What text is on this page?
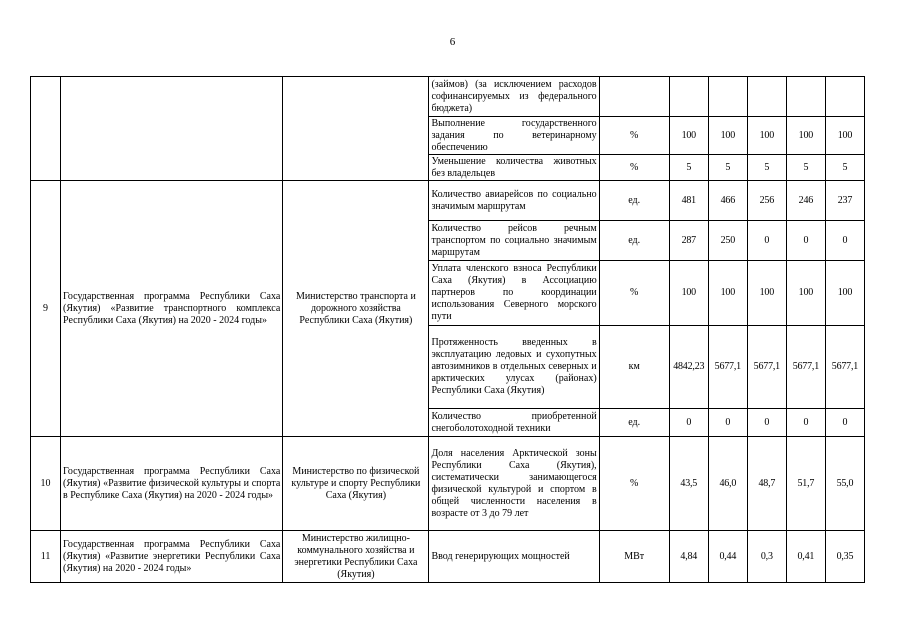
6
			(займов) (за исключением расходов софинансируемых из федерального бюджета)						
			Выполнение государственного задания по ветеринарному обеспечению	%	100	100	100	100	100
			Уменьшение количества животных без владельцев	%	5	5	5	5	5
9	Государственная программа Республики Саха (Якутия) «Развитие транспортного комплекса Республики Саха (Якутия) на 2020 - 2024 годы»	Министерство транспорта и дорожного хозяйства Республики Саха (Якутия)	Количество авиарейсов по социально значимым маршрутам	ед.	481	466	256	246	237
			Количество рейсов речным транспортом по социально значимым маршрутам	ед.	287	250	0	0	0
			Уплата членского взноса Республики Саха (Якутия) в Ассоциацию партнеров по координации использования Северного морского пути	%	100	100	100	100	100
			Протяженность введенных в эксплуатацию ледовых и сухопутных автозимников в отдельных северных и арктических улусах (районах) Республики Саха (Якутия)	км	4842,23	5677,1	5677,1	5677,1	5677,1
			Количество приобретенной снегоболотоходной техники	ед.	0	0	0	0	0
10	Государственная программа Республики Саха (Якутия) «Развитие физической культуры и спорта в Республике Саха (Якутия) на 2020 - 2024 годы»	Министерство по физической культуре и спорту Республики Саха (Якутия)	Доля населения Арктической зоны Республики Саха (Якутия), систематически занимающегося физической культурой и спортом в общей численности населения в возрасте от 3 до 79 лет	%	43,5	46,0	48,7	51,7	55,0
11	Государственная программа Республики Саха (Якутия) «Развитие энергетики Республики Саха (Якутия) на 2020 - 2024 годы»	Министерство жилищно-коммунального хозяйства и энергетики Республики Саха (Якутия)	Ввод генерирующих мощностей	МВт	4,84	0,44	0,3	0,41	0,35
